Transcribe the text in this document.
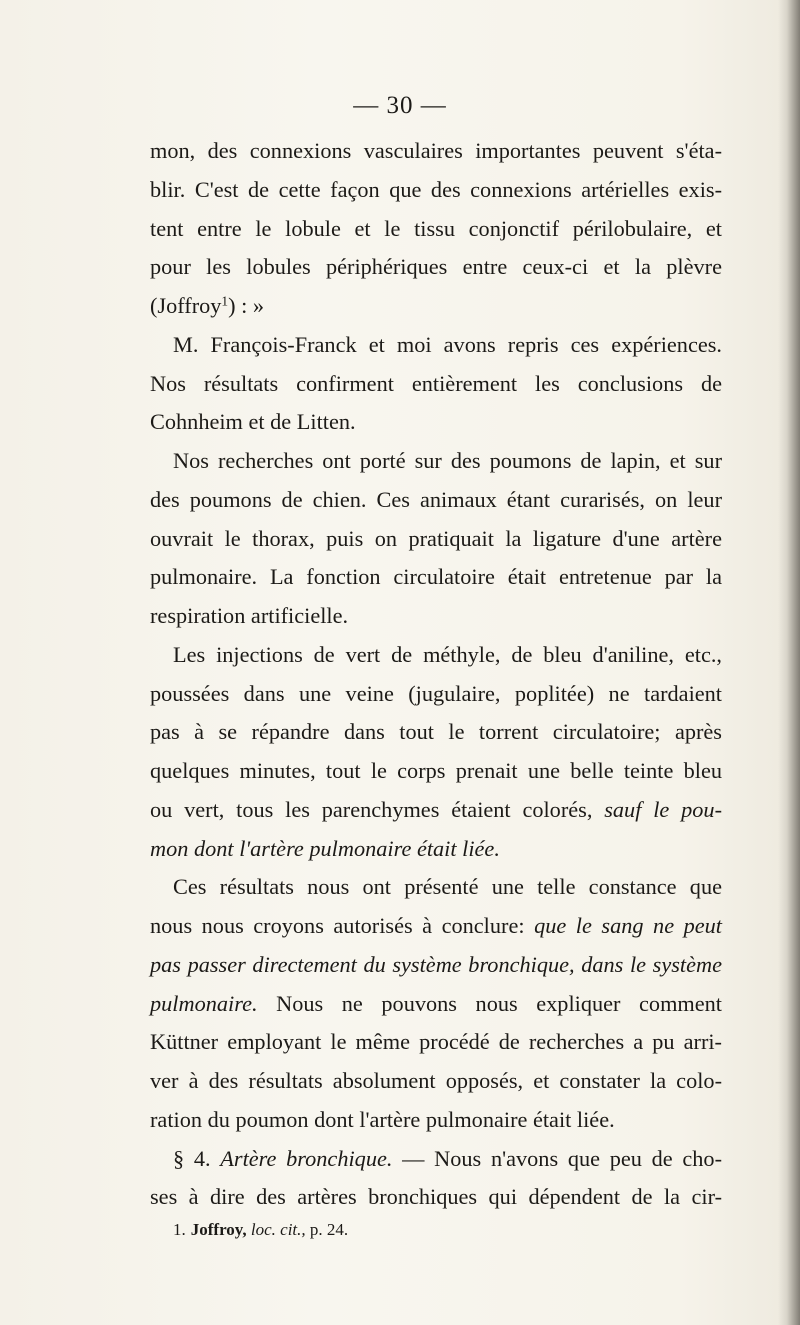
— 30 —
mon, des connexions vasculaires importantes peuvent s'éta-
blir. C'est de cette façon que des connexions artérielles exis-
tent entre le lobule et le tissu conjonctif périlobulaire, et
pour les lobules périphériques entre ceux-ci et la plèvre
(Joffroy$^1$) : »
M. François-Franck et moi avons repris ces expériences.
Nos résultats confirment entièrement les conclusions de
Cohnheim et de Litten.
Nos recherches ont porté sur des poumons de lapin, et sur
des poumons de chien. Ces animaux étant curarisés, on leur
ouvrait le thorax, puis on pratiquait la ligature d'une artère
pulmonaire. La fonction circulatoire était entretenue par la
respiration artificielle.
Les injections de vert de méthyle, de bleu d'aniline, etc.,
poussées dans une veine (jugulaire, poplitée) ne tardaient
pas à se répandre dans tout le torrent circulatoire; après
quelques minutes, tout le corps prenait une belle teinte bleu
ou vert, tous les parenchymes étaient colorés, sauf le pou-
mon dont l'artère pulmonaire était liée.
Ces résultats nous ont présenté une telle constance que
nous nous croyons autorisés à conclure: que le sang ne peut
pas passer directement du système bronchique, dans le système
pulmonaire. Nous ne pouvons nous expliquer comment
Küttner employant le même procédé de recherches a pu arri-
ver à des résultats absolument opposés, et constater la colo-
ration du poumon dont l'artère pulmonaire était liée.
§ 4. Artère bronchique. — Nous n'avons que peu de cho-
ses à dire des artères bronchiques qui dépendent de la cir-
1. Joffroy, loc. cit., p. 24.
